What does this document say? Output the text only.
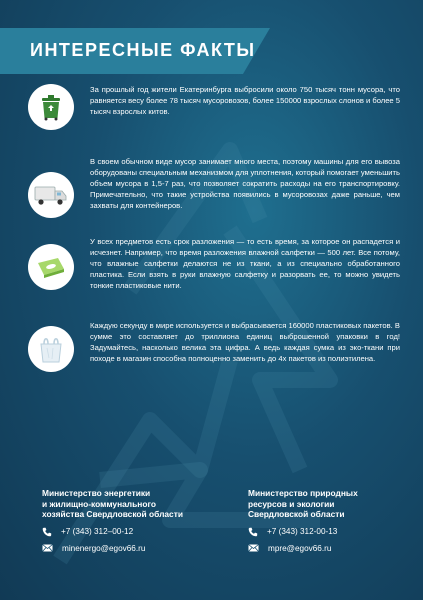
ИНТЕРЕСНЫЕ ФАКТЫ

За прошлый год жители Екатеринбурга выбросили около 750 тысяч тонн мусора, что равняется весу более 78 тысяч мусоровозов, более 150000 взрослых слонов и более 5 тысяч взрослых китов.

В своем обычном виде мусор занимает много места, поэтому машины для его вывоза оборудованы специальным механизмом для уплотнения, который помогает уменьшить объем мусора в 1,5-7 раз, что позволяет сократить расходы на его транспортировку. Примечательно, что такие устройства появились в мусоровозах даже раньше, чем захваты для контейнеров.

У всех предметов есть срок разложения — то есть время, за которое он распадется и исчезнет. Например, что время разложения влажной салфетки — 500 лет. Все потому, что влажные салфетки делаются не из ткани, а из специально обработанного пластика. Если взять в руки влажную салфетку и разорвать ее, то можно увидеть тонкие пластиковые нити.

Каждую секунду в мире используется и выбрасывается 160000 пластиковых пакетов. В сумме это составляет до триллиона единиц выброшенной упаковки в год! Задумайтесь, насколько велика эта цифра. А ведь каждая сумка из эко-ткани при походе в магазин способна полноценно заменить до 4х пакетов из полиэтилена.

Министерство энергетики
и жилищно-коммунального
хозяйства Свердловской области

+7 (343) 312–00-12
minenergo@egov66.ru

Министерство природных
ресурсов и экологии
Свердловской области

+7 (343) 312-00-13
mpre@egov66.ru
